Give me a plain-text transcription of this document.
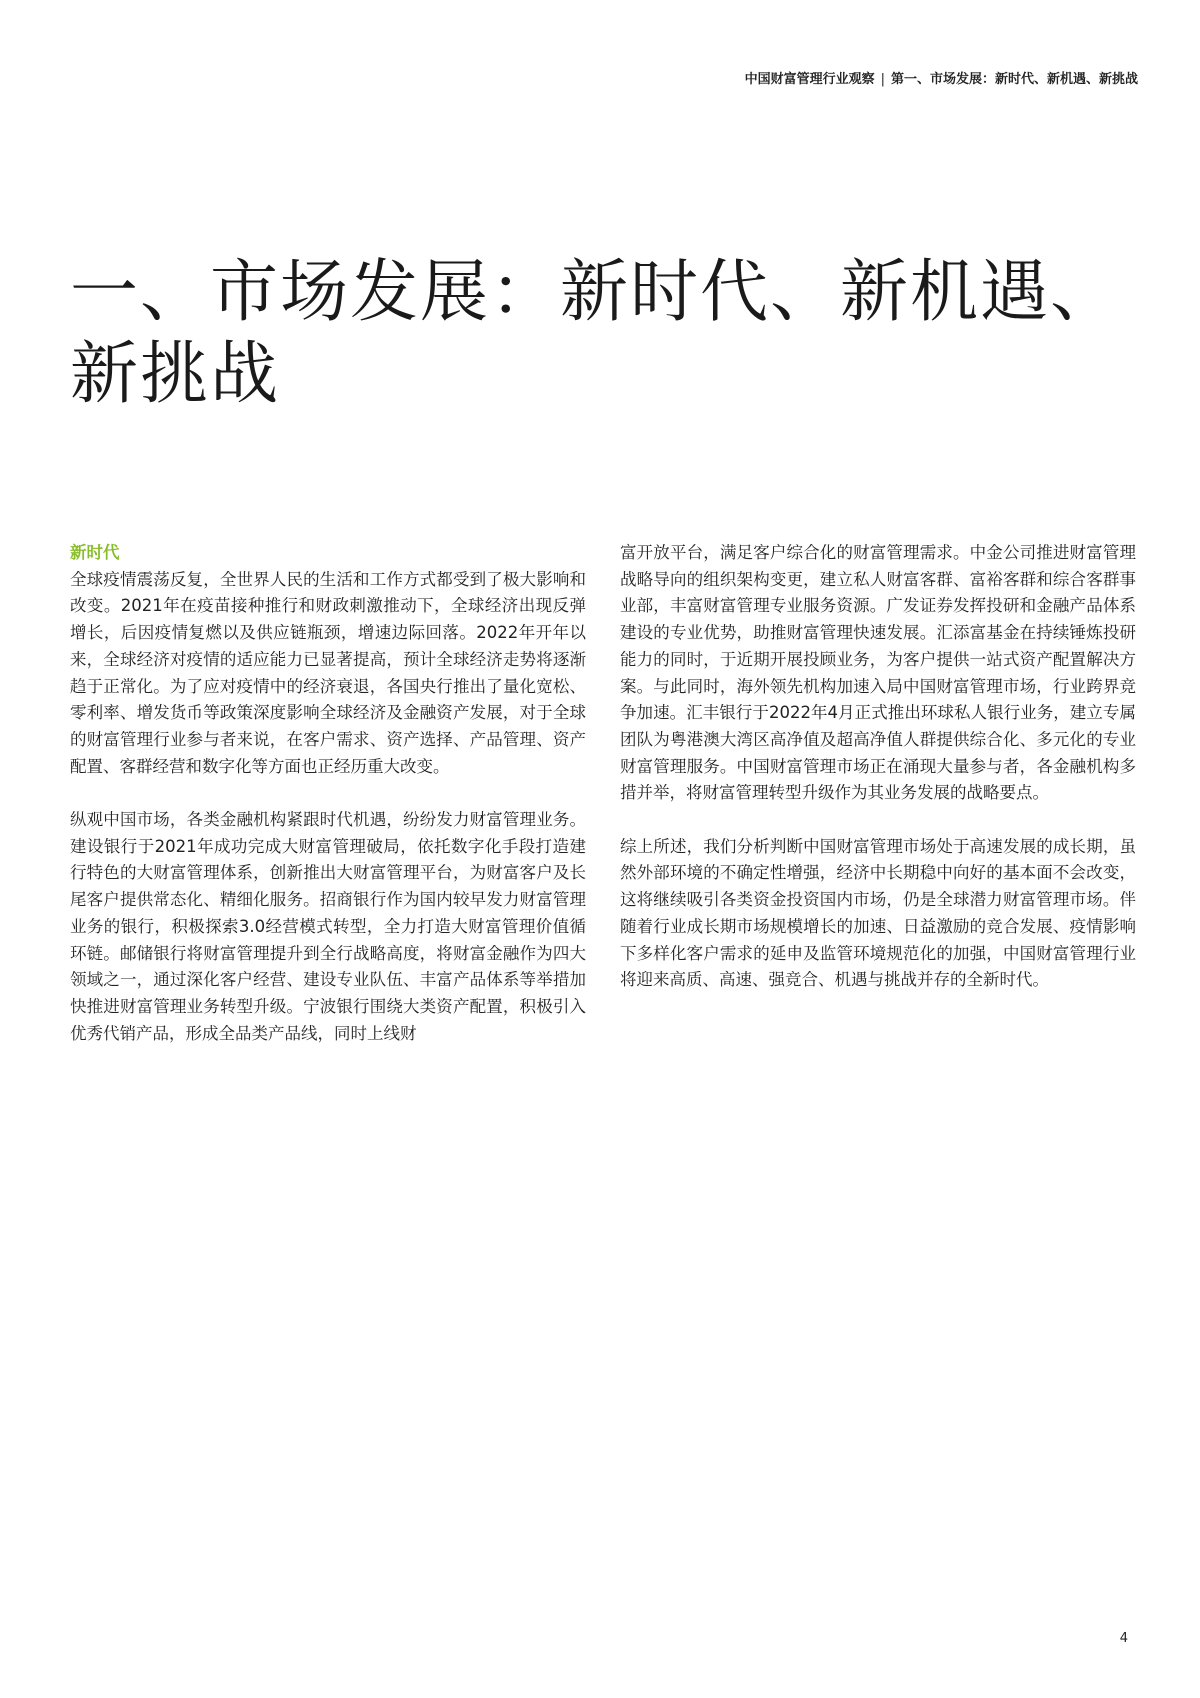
中国财富管理行业观察 | 第一、市场发展：新时代、新机遇、新挑战
一、市场发展：新时代、新机遇、
新挑战
新时代

全球疫情震荡反复，全世界人民的生活和工作方式都受到了极大影响和改变。2021年在疫苗接种推行和财政刺激推动下，全球经济出现反弹增长，后因疫情复燃以及供应链瓶颈，增速边际回落。2022年开年以来，全球经济对疫情的适应能力已显著提高，预计全球经济走势将逐渐趋于正常化。为了应对疫情中的经济衰退，各国央行推出了量化宽松、零利率、增发货币等政策深度影响全球经济及金融资产发展，对于全球的财富管理行业参与者来说，在客户需求、资产选择、产品管理、资产配置、客群经营和数字化等方面也正经历重大改变。

纵观中国市场，各类金融机构紧跟时代机遇，纷纷发力财富管理业务。建设银行于2021年成功完成大财富管理破局，依托数字化手段打造建行特色的大财富管理体系，创新推出大财富管理平台，为财富客户及长尾客户提供常态化、精细化服务。招商银行作为国内较早发力财富管理业务的银行，积极探索3.0经营模式转型，全力打造大财富管理价值循环链。邮储银行将财富管理提升到全行战略高度，将财富金融作为四大领域之一，通过深化客户经营、建设专业队伍、丰富产品体系等举措加快推进财富管理业务转型升级。宁波银行围绕大类资产配置，积极引入优秀代销产品，形成全品类产品线，同时上线财

富开放平台，满足客户综合化的财富管理需求。中金公司推进财富管理战略导向的组织架构变更，建立私人财富客群、富裕客群和综合客群事业部，丰富财富管理专业服务资源。广发证券发挥投研和金融产品体系建设的专业优势，助推财富管理快速发展。汇添富基金在持续锤炼投研能力的同时，于近期开展投顾业务，为客户提供一站式资产配置解决方案。与此同时，海外领先机构加速入局中国财富管理市场，行业跨界竞争加速。汇丰银行于2022年4月正式推出环球私人银行业务，建立专属团队为粤港澳大湾区高净值及超高净值人群提供综合化、多元化的专业财富管理服务。中国财富管理市场正在涌现大量参与者，各金融机构多措并举，将财富管理转型升级作为其业务发展的战略要点。

综上所述，我们分析判断中国财富管理市场处于高速发展的成长期，虽然外部环境的不确定性增强，经济中长期稳中向好的基本面不会改变，这将继续吸引各类资金投资国内市场，仍是全球潜力财富管理市场。伴随着行业成长期市场规模增长的加速、日益激励的竞合发展、疫情影响下多样化客户需求的延申及监管环境规范化的加强，中国财富管理行业将迎来高质、高速、强竞合、机遇与挑战并存的全新时代。

4
